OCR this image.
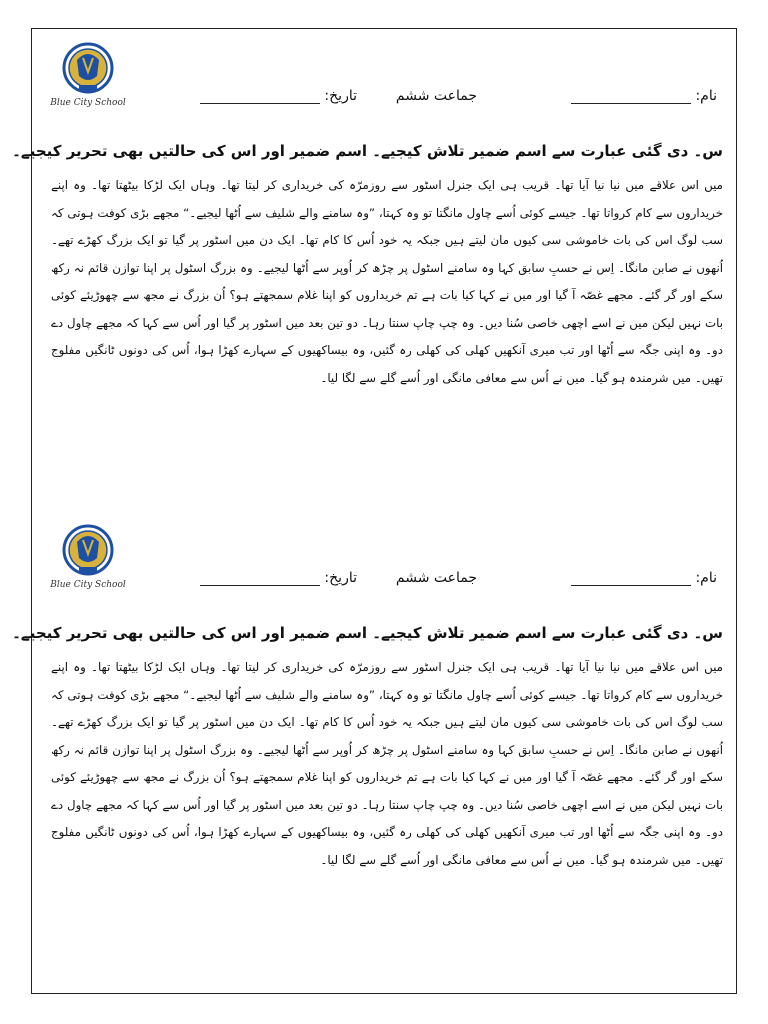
Blue City School	نام:
جماعت ششم
تاریخ:
س۔ دی گئی عبارت سے اسم ضمیر تلاش کیجیے۔ اسم ضمیر اور اس کی حالتیں بھی تحریر کیجیے۔
میں اس علاقے میں نیا نیا آیا تھا۔ قریب ہی ایک جنرل اسٹور سے روزمرّہ کی خریداری کر لیتا تھا۔ وہاں ایک لڑکا بیٹھتا تھا۔ وہ اپنے خریداروں سے کام کرواتا تھا۔ جیسے کوئی اُسے چاول مانگتا تو وہ کہتا، ”وہ سامنے والے شلیف سے اُٹھا لیجیے۔“ مجھے بڑی کوفت ہوتی کہ سب لوگ اس کی بات خاموشی سی کیوں مان لیتے ہیں جبکہ یہ خود اُس کا کام تھا۔ ایک دن میں اسٹور پر گیا تو ایک بزرگ کھڑے تھے۔ اُنھوں نے صابن مانگا۔ اِس نے حسبِ سابق کہا وہ سامنے اسٹول پر چڑھ کر اُوپر سے اُٹھا لیجیے۔ وہ بزرگ اسٹول پر اپنا توازن قائم نہ رکھ سکے اور گر گئے۔ مجھے غصّہ آ گیا اور میں نے کہا کیا بات ہے تم خریداروں کو اپنا غلام سمجھتے ہو؟ اُن بزرگ نے مجھ سے چھوڑیئے کوئی بات نہیں لیکن میں نے اسے اچھی خاصی سُنا دیں۔ وہ چپ چاپ سنتا رہا۔ دو تین بعد میں اسٹور پر گیا اور اُس سے کہا کہ مجھے چاول دے دو۔ وہ اپنی جگہ سے اُٹھا اور تب میری آنکھیں کھلی کی کھلی رہ گئیں، وہ بیساکھیوں کے سہارے کھڑا ہوا، اُس کی دونوں ٹانگیں مفلوج تھیں۔ میں شرمندہ ہو گیا۔ میں نے اُس سے معافی مانگی اور اُسے گلے سے لگا لیا۔
Blue City School	نام:
جماعت ششم
تاریخ:
س۔ دی گئی عبارت سے اسم ضمیر تلاش کیجیے۔ اسم ضمیر اور اس کی حالتیں بھی تحریر کیجیے۔
میں اس علاقے میں نیا نیا آیا تھا۔ قریب ہی ایک جنرل اسٹور سے روزمرّہ کی خریداری کر لیتا تھا۔ وہاں ایک لڑکا بیٹھتا تھا۔ وہ اپنے خریداروں سے کام کرواتا تھا۔ جیسے کوئی اُسے چاول مانگتا تو وہ کہتا، ”وہ سامنے والے شلیف سے اُٹھا لیجیے۔“ مجھے بڑی کوفت ہوتی کہ سب لوگ اس کی بات خاموشی سی کیوں مان لیتے ہیں جبکہ یہ خود اُس کا کام تھا۔ ایک دن میں اسٹور پر گیا تو ایک بزرگ کھڑے تھے۔ اُنھوں نے صابن مانگا۔ اِس نے حسبِ سابق کہا وہ سامنے اسٹول پر چڑھ کر اُوپر سے اُٹھا لیجیے۔ وہ بزرگ اسٹول پر اپنا توازن قائم نہ رکھ سکے اور گر گئے۔ مجھے غصّہ آ گیا اور میں نے کہا کیا بات ہے تم خریداروں کو اپنا غلام سمجھتے ہو؟ اُن بزرگ نے مجھ سے چھوڑیئے کوئی بات نہیں لیکن میں نے اسے اچھی خاصی سُنا دیں۔ وہ چپ چاپ سنتا رہا۔ دو تین بعد میں اسٹور پر گیا اور اُس سے کہا کہ مجھے چاول دے دو۔ وہ اپنی جگہ سے اُٹھا اور تب میری آنکھیں کھلی کی کھلی رہ گئیں، وہ بیساکھیوں کے سہارے کھڑا ہوا، اُس کی دونوں ٹانگیں مفلوج تھیں۔ میں شرمندہ ہو گیا۔ میں نے اُس سے معافی مانگی اور اُسے گلے سے لگا لیا۔
